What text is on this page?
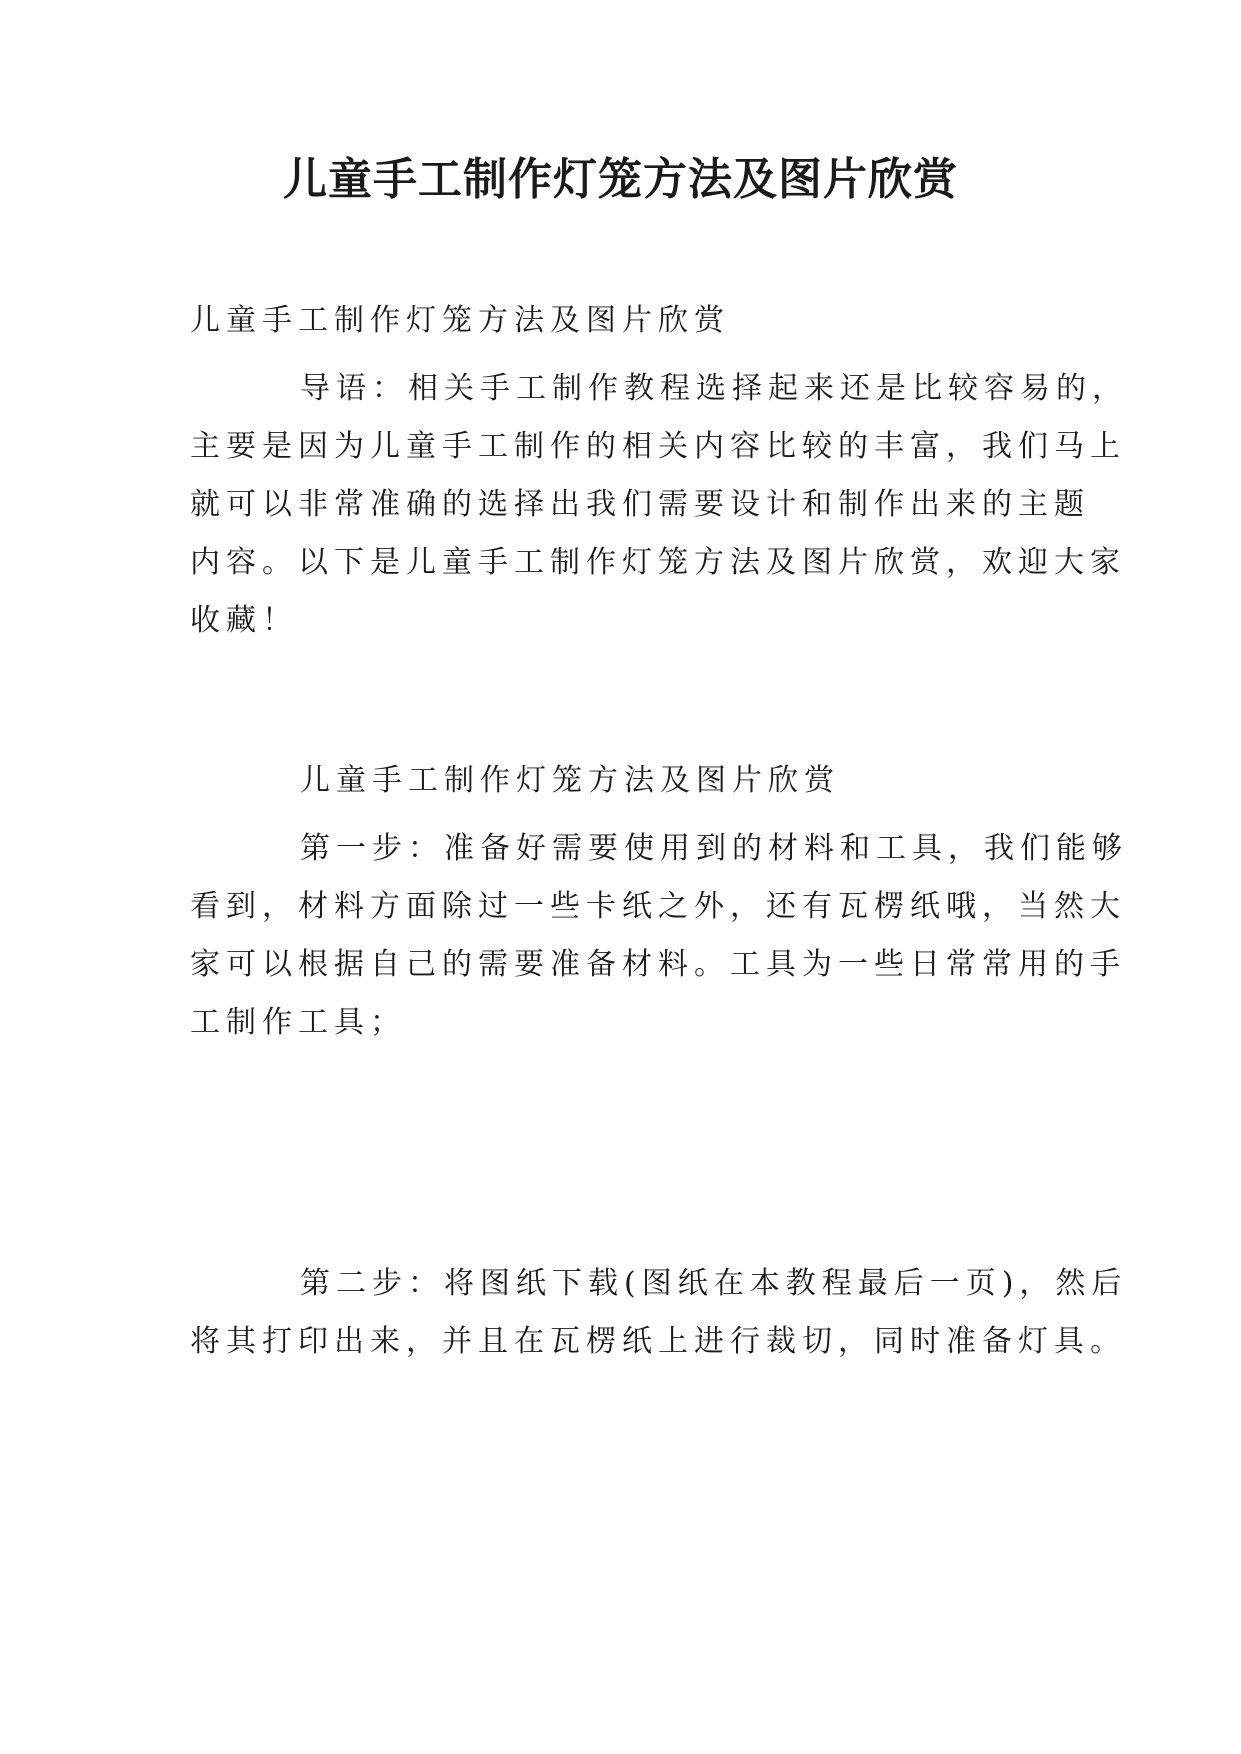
儿童手工制作灯笼方法及图片欣赏

儿童手工制作灯笼方法及图片欣赏

导语：相关手工制作教程选择起来还是比较容易的，
主要是因为儿童手工制作的相关内容比较的丰富，我们马上
就可以非常准确的选择出我们需要设计和制作出来的主题
内容。以下是儿童手工制作灯笼方法及图片欣赏，欢迎大家
收藏！

儿童手工制作灯笼方法及图片欣赏

第一步：准备好需要使用到的材料和工具，我们能够
看到，材料方面除过一些卡纸之外，还有瓦楞纸哦，当然大
家可以根据自己的需要准备材料。工具为一些日常常用的手
工制作工具；
第二步：将图纸下载(图纸在本教程最后一页)，然后
将其打印出来，并且在瓦楞纸上进行裁切，同时准备灯具。
